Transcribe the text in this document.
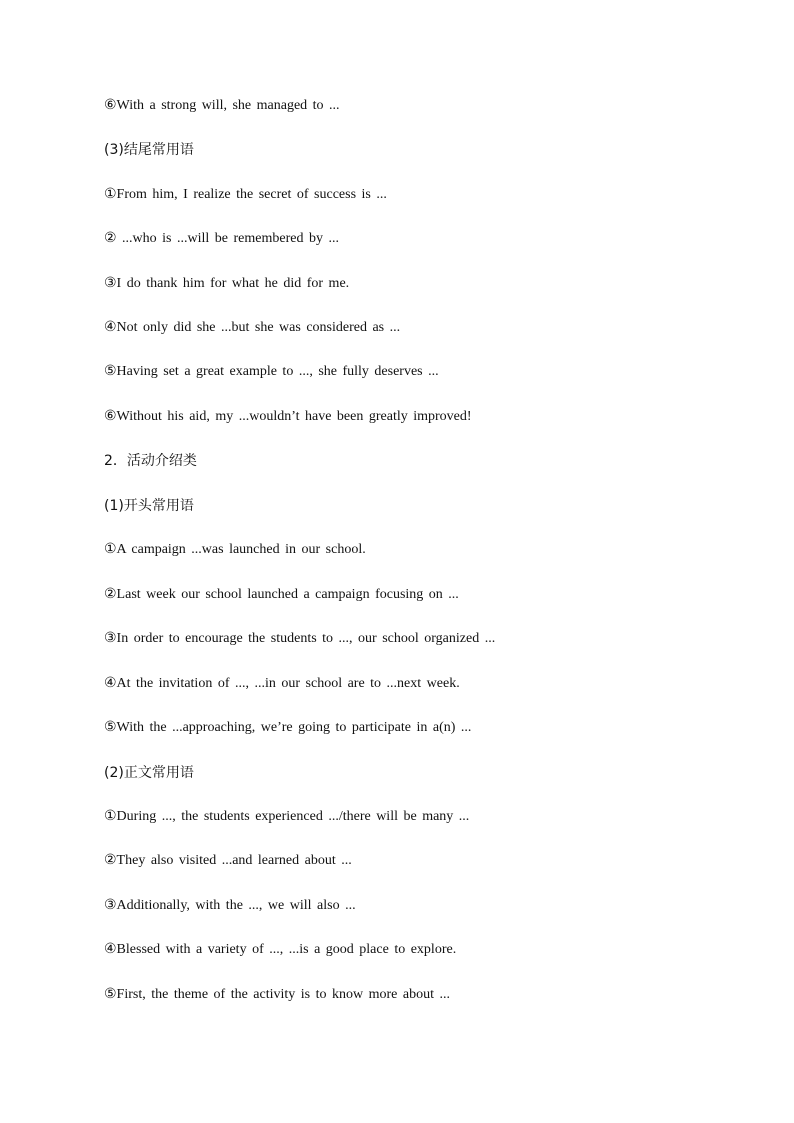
⑥With a strong will, she managed to ...
(3)结尾常用语
①From him, I realize the secret of success is ...
② ...who is ...will be remembered by ...
③I do thank him for what he did for me.
④Not only did she ...but she was considered as ...
⑤Having set a great example to ..., she fully deserves ...
⑥Without his aid, my ...wouldn’t have been greatly improved!
2．活动介绍类
(1)开头常用语
①A campaign ...was launched in our school.
②Last week our school launched a campaign focusing on ...
③In order to encourage the students to ..., our school organized ...
④At the invitation of ..., ...in our school are to ...next week.
⑤With the ...approaching, we’re going to participate in a(n) ...
(2)正文常用语
①During ..., the students experienced .../there will be many ...
②They also visited ...and learned about ...
③Additionally, with the ..., we will also ...
④Blessed with a variety of ..., ...is a good place to explore.
⑤First, the theme of the activity is to know more about ...
